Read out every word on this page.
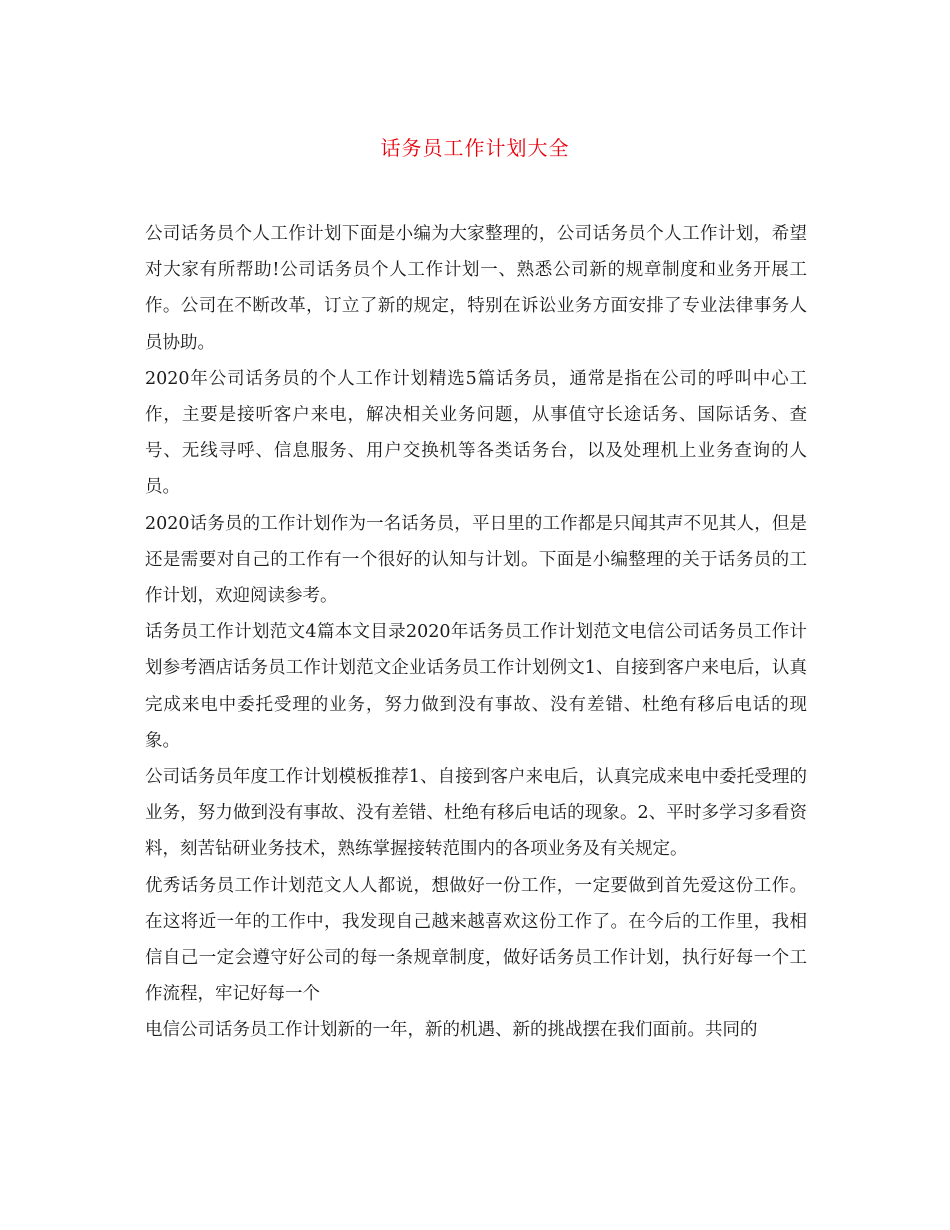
话务员工作计划大全

公司话务员个人工作计划下面是小编为大家整理的，公司话务员个人工作计划，希望对大家有所帮助!公司话务员个人工作计划一、熟悉公司新的规章制度和业务开展工作。公司在不断改革，订立了新的规定，特别在诉讼业务方面安排了专业法律事务人员协助。

2020年公司话务员的个人工作计划精选5篇话务员，通常是指在公司的呼叫中心工作，主要是接听客户来电，解决相关业务问题，从事值守长途话务、国际话务、查号、无线寻呼、信息服务、用户交换机等各类话务台，以及处理机上业务查询的人员。

2020话务员的工作计划作为一名话务员，平日里的工作都是只闻其声不见其人，但是还是需要对自己的工作有一个很好的认知与计划。下面是小编整理的关于话务员的工作计划，欢迎阅读参考。

话务员工作计划范文4篇本文目录2020年话务员工作计划范文电信公司话务员工作计划参考酒店话务员工作计划范文企业话务员工作计划例文1、自接到客户来电后，认真完成来电中委托受理的业务，努力做到没有事故、没有差错、杜绝有移后电话的现象。

公司话务员年度工作计划模板推荐1、自接到客户来电后，认真完成来电中委托受理的业务，努力做到没有事故、没有差错、杜绝有移后电话的现象。2、平时多学习多看资料，刻苦钻研业务技术，熟练掌握接转范围内的各项业务及有关规定。

优秀话务员工作计划范文人人都说，想做好一份工作，一定要做到首先爱这份工作。在这将近一年的工作中，我发现自己越来越喜欢这份工作了。在今后的工作里，我相信自己一定会遵守好公司的每一条规章制度，做好话务员工作计划，执行好每一个工作流程，牢记好每一个

电信公司话务员工作计划新的一年，新的机遇、新的挑战摆在我们面前。共同的
